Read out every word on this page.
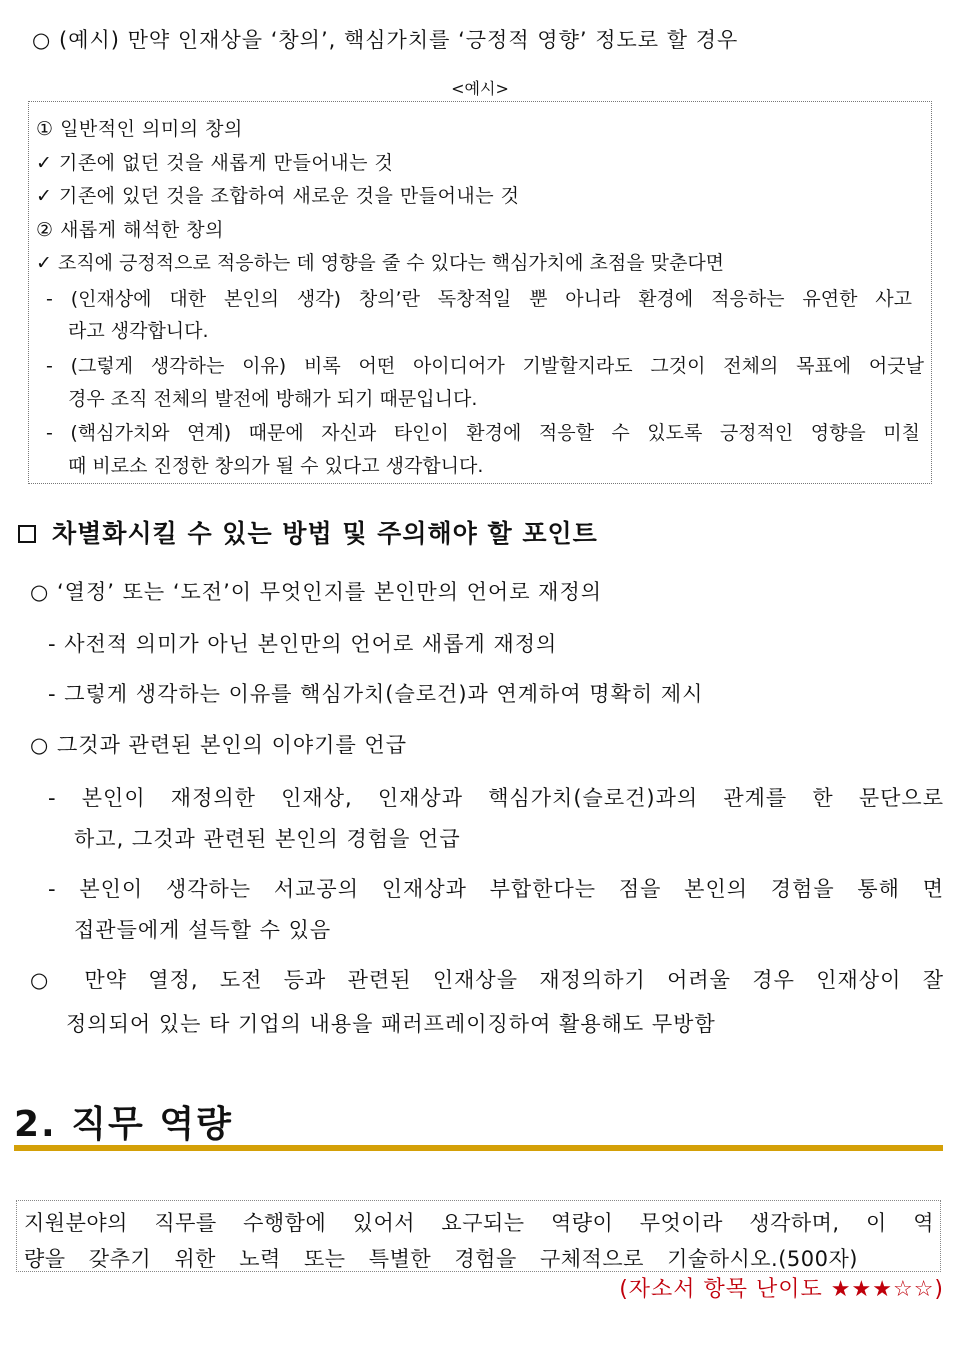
○ (예시) 만약 인재상을 ‘창의’, 핵심가치를 ‘긍정적 영향’ 정도로 할 경우
<예시>
① 일반적인 의미의 창의
✓ 기존에 없던 것을 새롭게 만들어내는 것
✓ 기존에 있던 것을 조합하여 새로운 것을 만들어내는 것
② 새롭게 해석한 창의
✓ 조직에 긍정적으로 적응하는 데 영향을 줄 수 있다는 핵심가치에 초점을 맞춘다면
- (인재상에 대한 본인의 생각) 창의’란 독창적일 뿐 아니라 환경에 적응하는 유연한 사고
라고 생각합니다.
- (그렇게 생각하는 이유) 비록 어떤 아이디어가 기발할지라도 그것이 전체의 목표에 어긋날
경우 조직 전체의 발전에 방해가 되기 때문입니다.
- (핵심가치와 연계) 때문에 자신과 타인이 환경에 적응할 수 있도록 긍정적인 영향을 미칠
때 비로소 진정한 창의가 될 수 있다고 생각합니다.
차별화시킬 수 있는 방법 및 주의해야 할 포인트
○ ‘열정’ 또는 ‘도전’이 무엇인지를 본인만의 언어로 재정의
- 사전적 의미가 아닌 본인만의 언어로 새롭게 재정의
- 그렇게 생각하는 이유를 핵심가치(슬로건)과 연계하여 명확히 제시
○ 그것과 관련된 본인의 이야기를 언급
- 본인이 재정의한 인재상, 인재상과 핵심가치(슬로건)과의 관계를 한 문단으로
하고, 그것과 관련된 본인의 경험을 언급
- 본인이 생각하는 서교공의 인재상과 부합한다는 점을 본인의 경험을 통해 면
접관들에게 설득할 수 있음
○ 만약 열정, 도전 등과 관련된 인재상을 재정의하기 어려울 경우 인재상이 잘
정의되어 있는 타 기업의 내용을 패러프레이징하여 활용해도 무방함
2. 직무 역량
지원분야의 직무를 수행함에 있어서 요구되는 역량이 무엇이라 생각하며, 이 역
량을 갖추기 위한 노력 또는 특별한 경험을 구체적으로 기술하시오.(500자)
(자소서 항목 난이도 ★★★☆☆)
